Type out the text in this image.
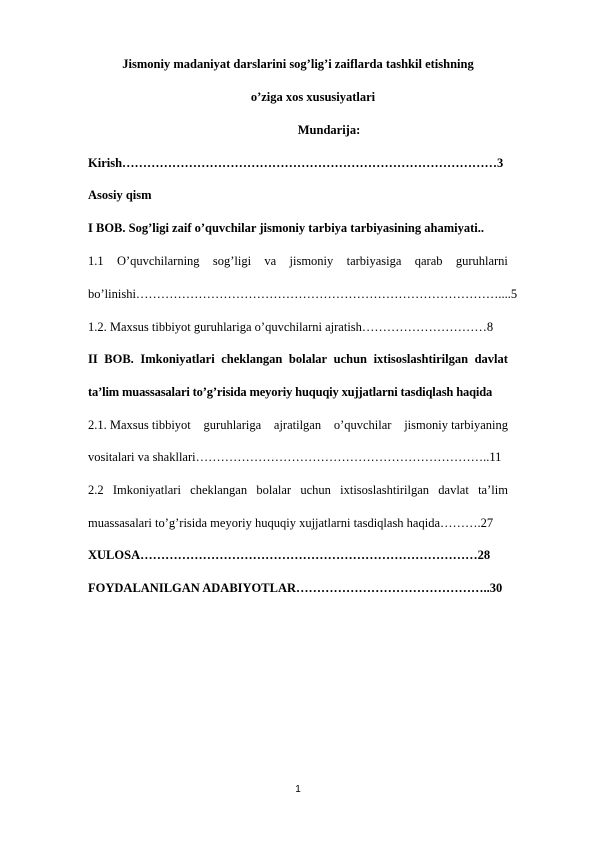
Jismoniy madaniyat darslarini sog’lig’i zaiflarda tashkil etishning
o’ziga xos xususiyatlari
Mundarija:
Kirish………………………………………………………………………………3
Asosiy qism
I BOB. Sog’ligi zaif o’quvchilar jismoniy tarbiya tarbiyasining ahamiyati..
1.1 O’quvchilarning sog’ligi va jismoniy tarbiyasiga qarab guruhlarni
bo’linishi……………………………………………………………………………....5
1.2. Maxsus tibbiyot guruhlariga o’quvchilarni ajratish…………………………8
II BOB. Imkoniyatlari cheklangan bolalar uchun ixtisoslashtirilgan davlat
ta’lim muassasalari to’g’risida meyoriy huquqiy xujjatlarni tasdiqlash haqida
2.1. Maxsus tibbiyot guruhlariga ajratilgan o’quvchilar jismoniy tarbiyaning
vositalari va shakllari……………………………………………………………..11
2.2 Imkoniyatlari cheklangan bolalar uchun ixtisoslashtirilgan davlat ta’lim
muassasalari to’g’risida meyoriy huquqiy xujjatlarni tasdiqlash haqida……….27
XULOSA………………………………………………………………………28
FOYDALANILGAN ADABIYOTLAR………………………………………..30
1
